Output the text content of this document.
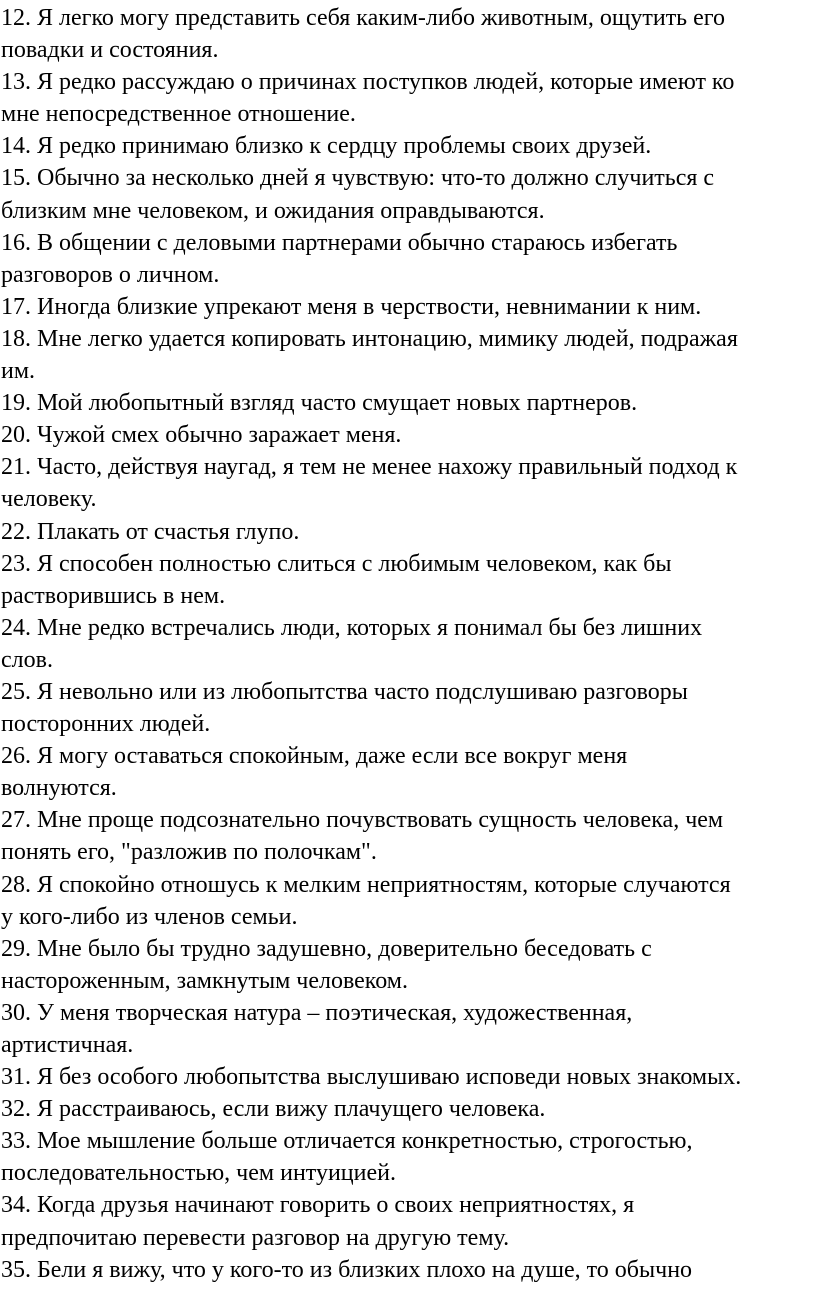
12. Я легко могу представить себя каким-либо животным, ощутить его
повадки и состояния.
13. Я редко рассуждаю о причинах поступков людей, которые имеют ко
мне непосредственное отношение.
14. Я редко принимаю близко к сердцу проблемы своих друзей.
15. Обычно за несколько дней я чувствую: что-то должно случиться с
близким мне человеком, и ожидания оправдываются.
16. В общении с деловыми партнерами обычно стараюсь избегать
разговоров о личном.
17. Иногда близкие упрекают меня в черствости, невнимании к ним.
18. Мне легко удается копировать интонацию, мимику людей, подражая
им.
19. Мой любопытный взгляд часто смущает новых партнеров.
20. Чужой смех обычно заражает меня.
21. Часто, действуя наугад, я тем не менее нахожу правильный подход к
человеку.
22. Плакать от счастья глупо.
23. Я способен полностью слиться с любимым человеком, как бы
растворившись в нем.
24. Мне редко встречались люди, которых я понимал бы без лишних
слов.
25. Я невольно или из любопытства часто подслушиваю разговоры
посторонних людей.
26. Я могу оставаться спокойным, даже если все вокруг меня
волнуются.
27. Мне проще подсознательно почувствовать сущность человека, чем
понять его, "разложив по полочкам".
28. Я спокойно отношусь к мелким неприятностям, которые случаются
у кого-либо из членов семьи.
29. Мне было бы трудно задушевно, доверительно беседовать с
настороженным, замкнутым человеком.
30. У меня творческая натура – поэтическая, художественная,
артистичная.
31. Я без особого любопытства выслушиваю исповеди новых знакомых.
32. Я расстраиваюсь, если вижу плачущего человека.
33. Мое мышление больше отличается конкретностью, строгостью,
последовательностью, чем интуицией.
34. Когда друзья начинают говорить о своих неприятностях, я
предпочитаю перевести разговор на другую тему.
35. Бели я вижу, что у кого-то из близких плохо на душе, то обычно
